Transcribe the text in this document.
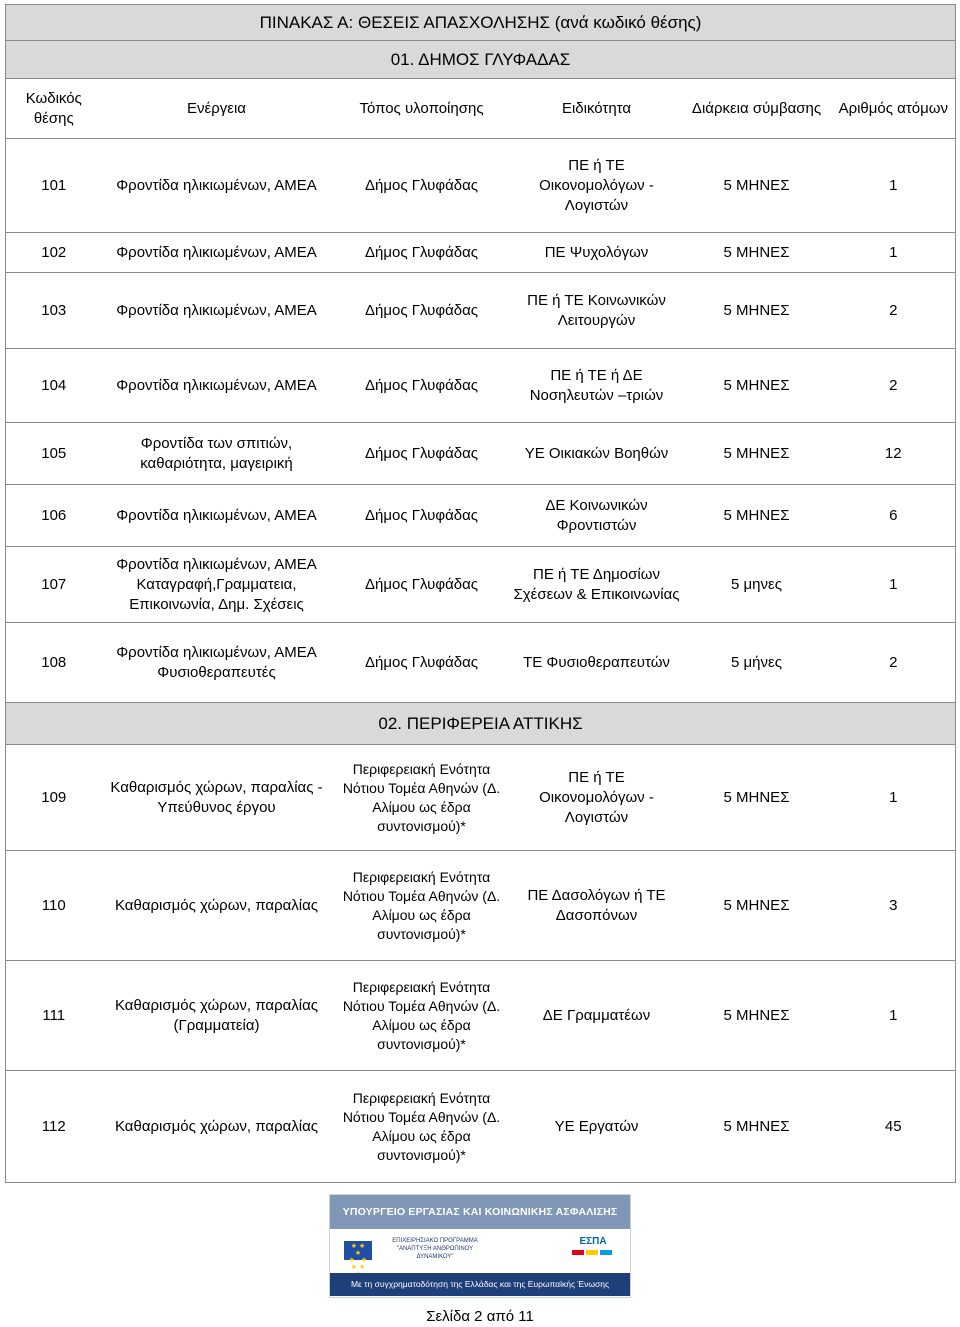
ΠΙΝΑΚΑΣ Α: ΘΕΣΕΙΣ ΑΠΑΣΧΟΛΗΣΗΣ (ανά κωδικό θέσης)					
01. ΔΗΜΟΣ ΓΛΥΦΑΔΑΣ					
Κωδικός θέσης	Ενέργεια	Τόπος υλοποίησης	Ειδικότητα	Διάρκεια σύμβασης	Αριθμός ατόμων
101	Φροντίδα ηλικιωμένων, ΑΜΕΑ	Δήμος Γλυφάδας	ΠΕ ή ΤΕ Οικονομολόγων - Λογιστών	5 ΜΗΝΕΣ	1
102	Φροντίδα ηλικιωμένων, ΑΜΕΑ	Δήμος Γλυφάδας	ΠΕ Ψυχολόγων	5 ΜΗΝΕΣ	1
103	Φροντίδα ηλικιωμένων, ΑΜΕΑ	Δήμος Γλυφάδας	ΠΕ ή ΤΕ Κοινωνικών Λειτουργών	5 ΜΗΝΕΣ	2
104	Φροντίδα ηλικιωμένων, ΑΜΕΑ	Δήμος Γλυφάδας	ΠΕ ή ΤΕ ή ΔΕ Νοσηλευτών –τριών	5 ΜΗΝΕΣ	2
105	Φροντίδα των σπιτιών, καθαριότητα, μαγειρική	Δήμος Γλυφάδας	ΥΕ Οικιακών Βοηθών	5 ΜΗΝΕΣ	12
106	Φροντίδα ηλικιωμένων, ΑΜΕΑ	Δήμος Γλυφάδας	ΔΕ Κοινωνικών Φροντιστών	5 ΜΗΝΕΣ	6
107	Φροντίδα ηλικιωμένων, ΑΜΕΑ Καταγραφή,Γραμματεια, Επικοινωνία, Δημ. Σχέσεις	Δήμος Γλυφάδας	ΠΕ ή ΤΕ Δημοσίων Σχέσεων & Επικοινωνίας	5 μηνες	1
108	Φροντίδα ηλικιωμένων, ΑΜΕΑ Φυσιοθεραπευτές	Δήμος Γλυφάδας	ΤΕ Φυσιοθεραπευτών	5 μήνες	2
02. ΠΕΡΙΦΕΡΕΙΑ ΑΤΤΙΚΗΣ					
109	Καθαρισμός χώρων, παραλίας - Υπεύθυνος έργου	Περιφερειακή Ενότητα Νότιου Τομέα Αθηνών (Δ. Αλίμου ως έδρα συντονισμού)*	ΠΕ ή ΤΕ Οικονομολόγων - Λογιστών	5 ΜΗΝΕΣ	1
110	Καθαρισμός χώρων, παραλίας	Περιφερειακή Ενότητα Νότιου Τομέα Αθηνών (Δ. Αλίμου ως έδρα συντονισμού)*	ΠΕ Δασολόγων ή ΤΕ Δασοπόνων	5 ΜΗΝΕΣ	3
111	Καθαρισμός χώρων, παραλίας (Γραμματεία)	Περιφερειακή Ενότητα Νότιου Τομέα Αθηνών (Δ. Αλίμου ως έδρα συντονισμού)*	ΔΕ Γραμματέων	5 ΜΗΝΕΣ	1
112	Καθαρισμός χώρων, παραλίας	Περιφερειακή Ενότητα Νότιου Τομέα Αθηνών (Δ. Αλίμου ως έδρα συντονισμού)*	ΥΕ Εργατών	5 ΜΗΝΕΣ	45
ΥΠΟΥΡΓΕΙΟ ΕΡΓΑΣΙΑΣ ΚΑΙ ΚΟΙΝΩΝΙΚΗΣ ΑΣΦΑΛΙΣΗΣ
★ ★ ★
★   ★
★ ★
ΕΠΙΧΕΙΡΗΣΙΑΚΟ ΠΡΟΓΡΑΜΜΑ "ΑΝΑΠΤΥΞΗ ΑΝΘΡΩΠΙΝΟΥ ΔΥΝΑΜΙΚΟΥ"
ΕΣΠΑ
Με τη συγχρηματοδότηση της Ελλάδας και της Ευρωπαϊκής Ένωσης
Σελίδα 2 από 11
